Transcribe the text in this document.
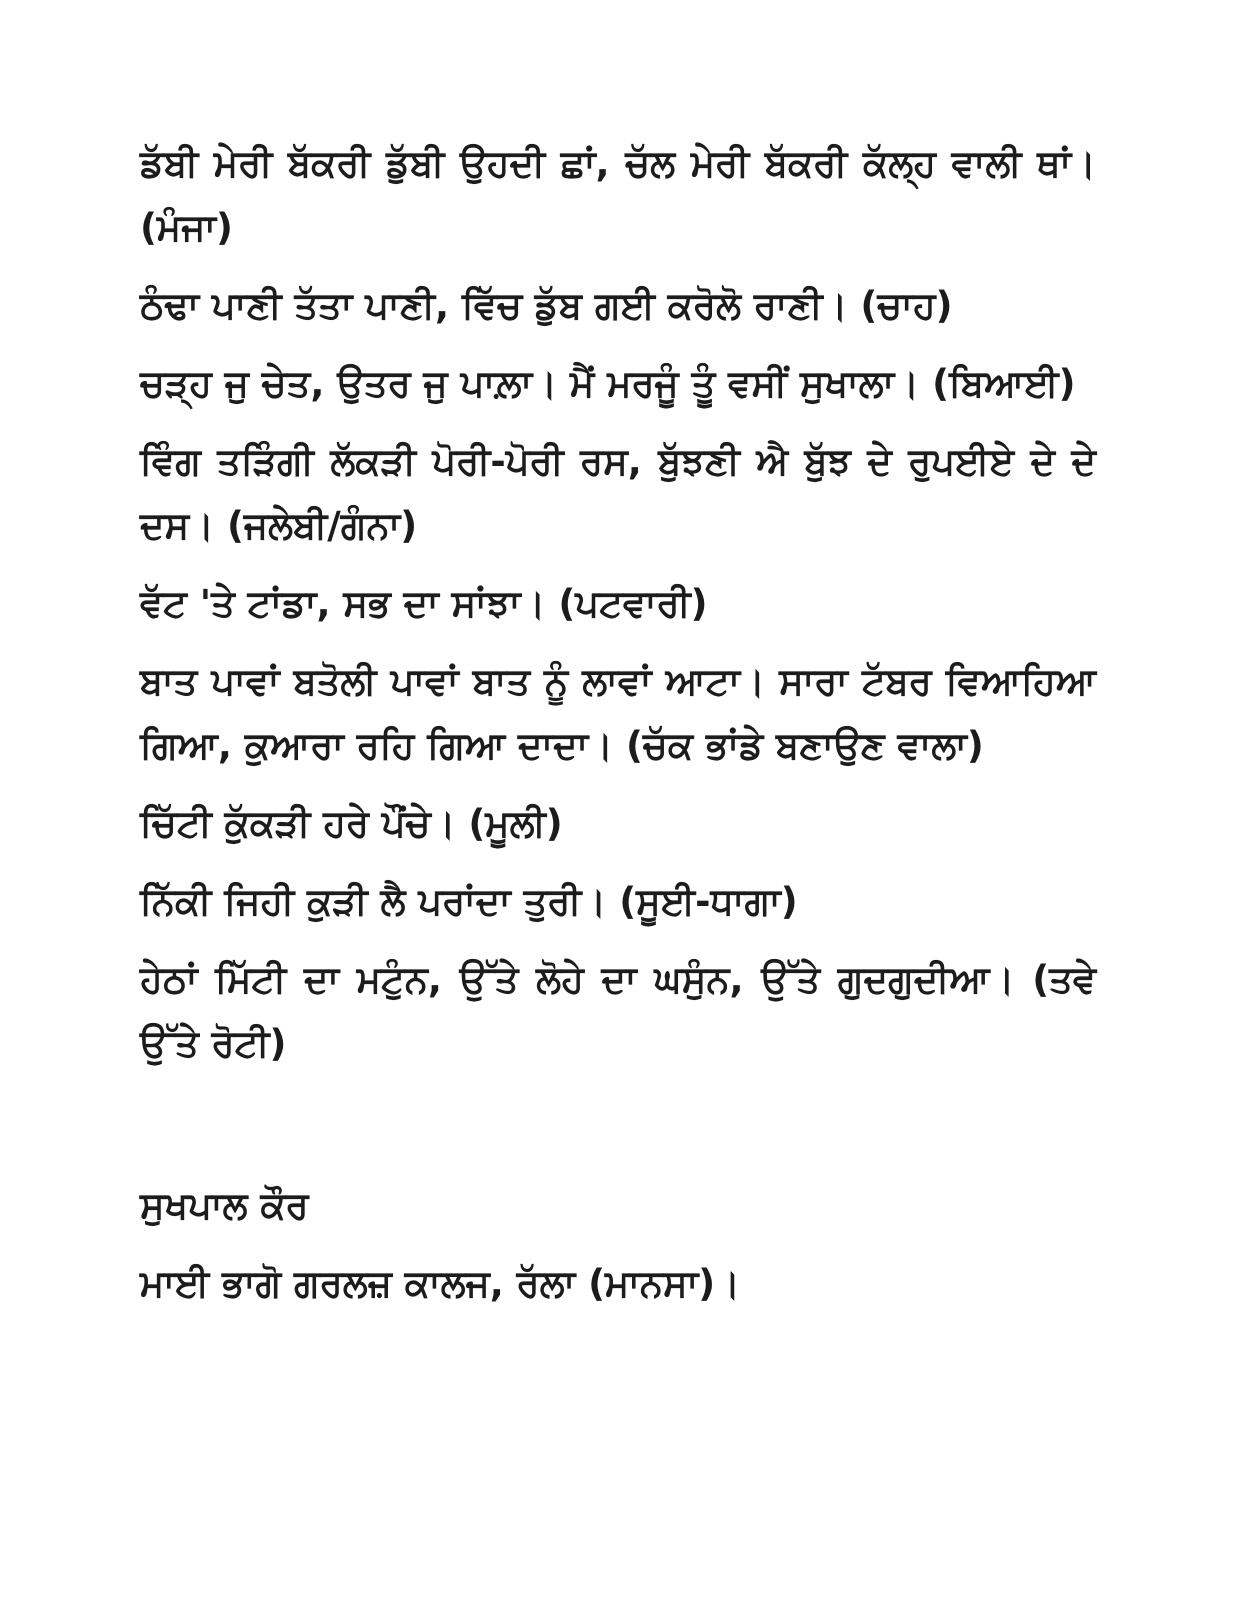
ਡੱਬੀ ਮੇਰੀ ਬੱਕਰੀ ਡੁੱਬੀ ਉਹਦੀ ਛਾਂ, ਚੱਲ ਮੇਰੀ ਬੱਕਰੀ ਕੱਲ੍ਹ ਵਾਲੀ ਥਾਂ। (ਮੰਜਾ)

ਠੰਢਾ ਪਾਣੀ ਤੱਤਾ ਪਾਣੀ, ਵਿੱਚ ਡੁੱਬ ਗਈ ਕਰੋਲੋ ਰਾਣੀ। (ਚਾਹ)

ਚੜ੍ਹ ਜੁ ਚੇਤ, ਉਤਰ ਜੁ ਪਾਲ਼ਾ। ਮੈਂ ਮਰਜੂੰ ਤੂੰ ਵਸੀਂ ਸੁਖਾਲਾ। (ਬਿਆਈ)

ਵਿੰਗ ਤੜਿੰਗੀ ਲੱਕੜੀ ਪੋਰੀ-ਪੋਰੀ ਰਸ, ਬੁੱਝਣੀ ਐ ਬੁੱਝ ਦੇ ਰੁਪਈਏ ਦੇ ਦੇ ਦਸ। (ਜਲੇਬੀ/ਗੰਨਾ)

ਵੱਟ 'ਤੇ ਟਾਂਡਾ, ਸਭ ਦਾ ਸਾਂਝਾ। (ਪਟਵਾਰੀ)

ਬਾਤ ਪਾਵਾਂ ਬਤੋਲੀ ਪਾਵਾਂ ਬਾਤ ਨੂੰ ਲਾਵਾਂ ਆਟਾ। ਸਾਰਾ ਟੱਬਰ ਵਿਆਹਿਆ ਗਿਆ, ਕੁਆਰਾ ਰਹਿ ਗਿਆ ਦਾਦਾ। (ਚੱਕ ਭਾਂਡੇ ਬਣਾਉਣ ਵਾਲਾ)

ਚਿੱਟੀ ਕੁੱਕੜੀ ਹਰੇ ਪੌਂਚੇ। (ਮੂਲੀ)

ਨਿੱਕੀ ਜਿਹੀ ਕੁੜੀ ਲੈ ਪਰਾਂਦਾ ਤੁਰੀ। (ਸੂਈ-ਧਾਗਾ)

ਹੇਠਾਂ ਮਿੱਟੀ ਦਾ ਮਟੁੰਨ, ਉੱਤੇ ਲੋਹੇ ਦਾ ਘਸੁੰਨ, ਉੱਤੇ ਗੁਦਗੁਦੀਆ। (ਤਵੇ ਉੱਤੇ ਰੋਟੀ)

ਸੁਖਪਾਲ ਕੌਰ

ਮਾਈ ਭਾਗੋ ਗਰਲਜ਼ ਕਾਲਜ, ਰੱਲਾ (ਮਾਨਸਾ)।
